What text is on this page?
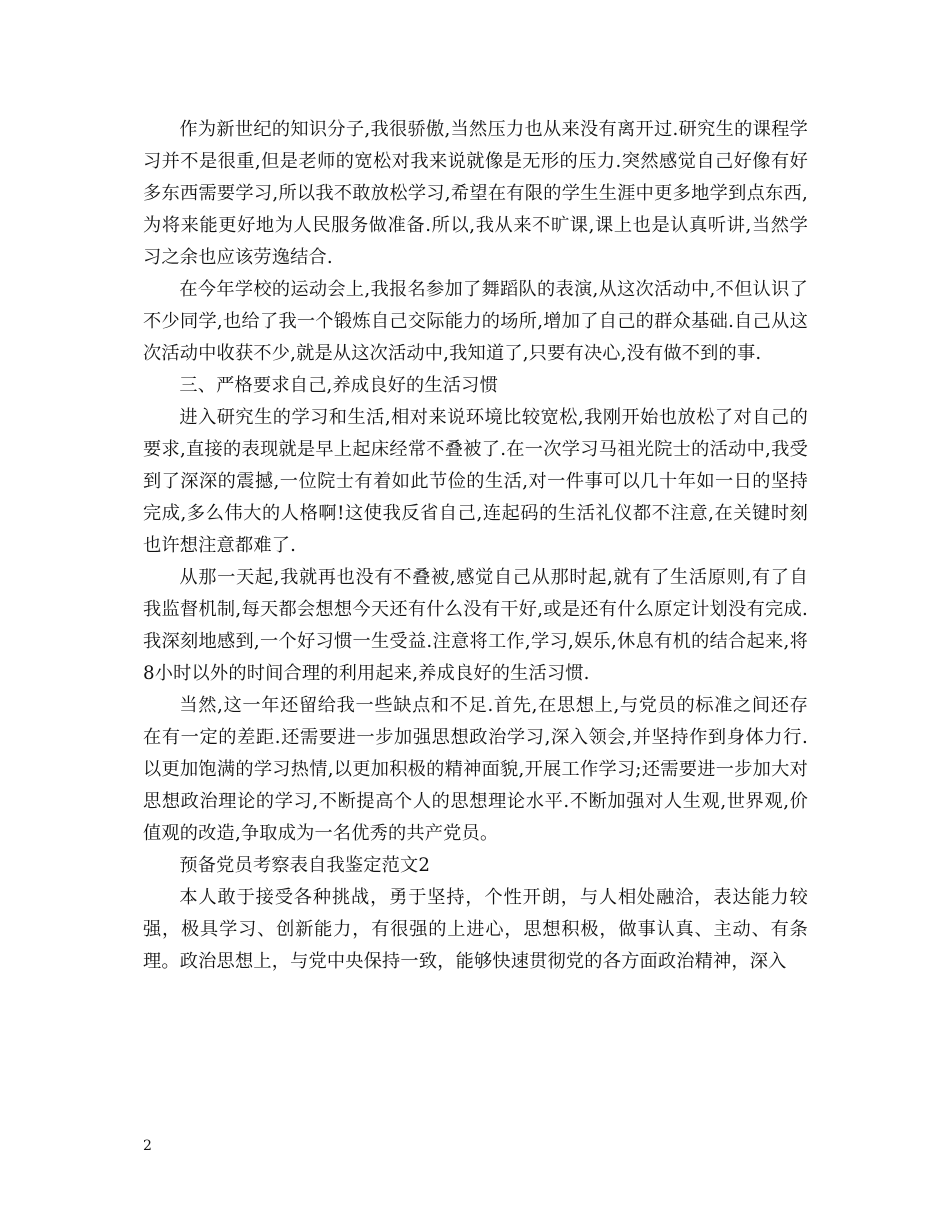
作为新世纪的知识分子,我很骄傲,当然压力也从来没有离开过.研究生的课程学习并不是很重,但是老师的宽松对我来说就像是无形的压力.突然感觉自己好像有好多东西需要学习,所以我不敢放松学习,希望在有限的学生生涯中更多地学到点东西,为将来能更好地为人民服务做准备.所以,我从来不旷课,课上也是认真听讲,当然学习之余也应该劳逸结合.

在今年学校的运动会上,我报名参加了舞蹈队的表演,从这次活动中,不但认识了不少同学,也给了我一个锻炼自己交际能力的场所,增加了自己的群众基础.自己从这次活动中收获不少,就是从这次活动中,我知道了,只要有决心,没有做不到的事.

三、严格要求自己,养成良好的生活习惯

进入研究生的学习和生活,相对来说环境比较宽松,我刚开始也放松了对自己的要求,直接的表现就是早上起床经常不叠被了.在一次学习马祖光院士的活动中,我受到了深深的震撼,一位院士有着如此节俭的生活,对一件事可以几十年如一日的坚持完成,多么伟大的人格啊!这使我反省自己,连起码的生活礼仪都不注意,在关键时刻也许想注意都难了.

从那一天起,我就再也没有不叠被,感觉自己从那时起,就有了生活原则,有了自我监督机制,每天都会想想今天还有什么没有干好,或是还有什么原定计划没有完成.我深刻地感到,一个好习惯一生受益.注意将工作,学习,娱乐,休息有机的结合起来,将8小时以外的时间合理的利用起来,养成良好的生活习惯.

当然,这一年还留给我一些缺点和不足.首先,在思想上,与党员的标准之间还存在有一定的差距.还需要进一步加强思想政治学习,深入领会,并坚持作到身体力行.以更加饱满的学习热情,以更加积极的精神面貌,开展工作学习;还需要进一步加大对思想政治理论的学习,不断提高个人的思想理论水平.不断加强对人生观,世界观,价值观的改造,争取成为一名优秀的共产党员。

预备党员考察表自我鉴定范文2

本人敢于接受各种挑战，勇于坚持，个性开朗，与人相处融洽，表达能力较强，极具学习、创新能力，有很强的上进心，思想积极，做事认真、主动、有条理。政治思想上，与党中央保持一致，能够快速贯彻党的各方面政治精神，深入

2
